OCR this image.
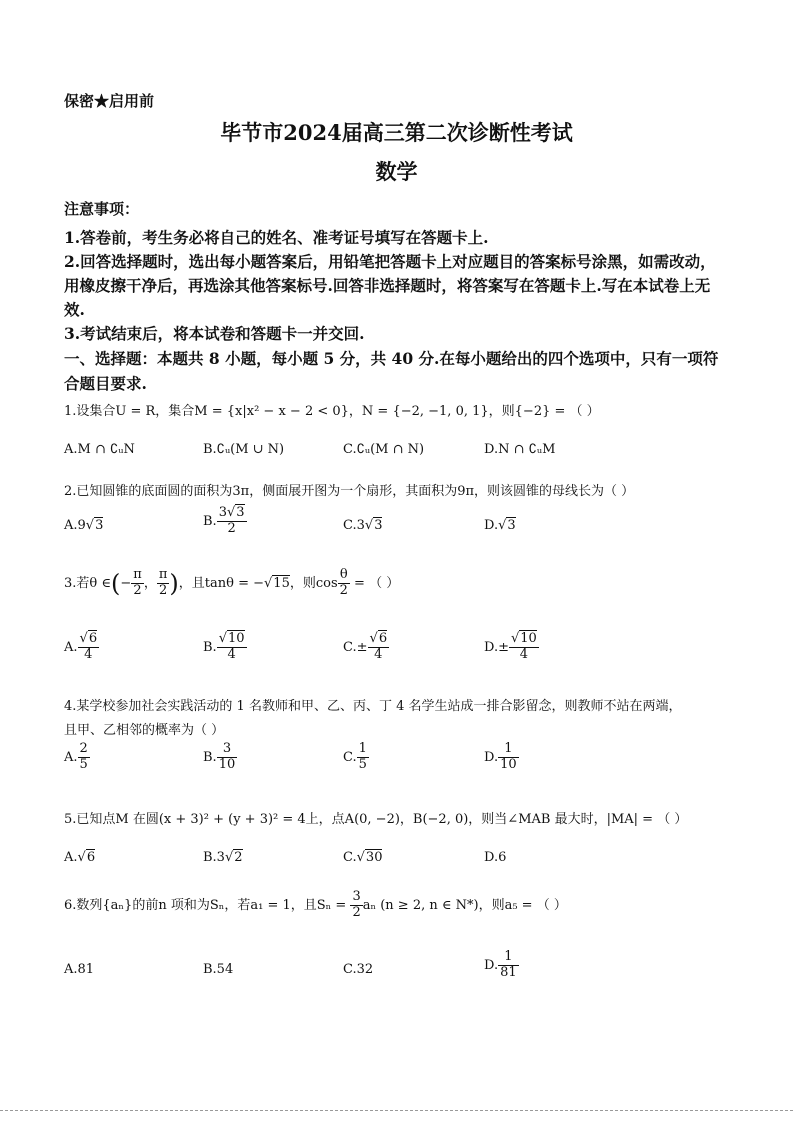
保密★启用前
毕节市2024届高三第二次诊断性考试
数学
注意事项：
1.答卷前，考生务必将自己的姓名、准考证号填写在答题卡上.
2.回答选择题时，选出每小题答案后，用铅笔把答题卡上对应题目的答案标号涂黑，如需改动，
用橡皮擦干净后，再选涂其他答案标号.回答非选择题时，将答案写在答题卡上.写在本试卷上无
效.
3.考试结束后，将本试卷和答题卡一并交回.
一、选择题：本题共 8 小题，每小题 5 分，共 40 分.在每小题给出的四个选项中，只有一项符
合题目要求.
1.设集合U = R，集合M = {x|x² − x − 2 < 0}，N = {−2, −1, 0, 1}，则{−2} = （ ）
A.M ∩ ∁ᵤN	B.∁ᵤ(M ∪ N)	C.∁ᵤ(M ∩ N)	D.N ∩ ∁ᵤM
2.已知圆锥的底面圆的面积为3π，侧面展开图为一个扇形，其面积为9π，则该圆锥的母线长为（ ）
A.9√3	B. $\frac{3√3}{2}$	C.3√3	D.√3
3.若θ ∈(− $\frac{\pi}{2}$ ， $\frac{\pi}{2}$ )，且tanθ = −√15，则$\cos \frac{\theta}{2}$ = （ ）
A. $\frac{√6}{4}$	B. $\frac{√10}{4}$	$C.\pm \frac{√6}{4}$	$D.\pm \frac{√10}{4}$
4.某学校参加社会实践活动的 1 名教师和甲、乙、丙、丁 4 名学生站成一排合影留念，则教师不站在两端，
且甲、乙相邻的概率为（ ）
A. $\frac{2}{5}$	B. $\frac{3}{10}$	C. $\frac{1}{5}$	D. $\frac{1}{10}$
5.已知点M 在圆(x + 3)² + (y + 3)² = 4上，点A(0, −2)，B(−2, 0)，则当∠MAB 最大时，|MA| = （ ）
A.√6	B.3√2	C.√30	D.6
6.数列{aₙ}的前n 项和为Sₙ，若a₁ = 1，且$S_n = \frac{3}{2}$ aₙ (n ≥ 2, n ∈ N*)，则a₅ = （ ）
A.81	B.54	C.32	D. $\frac{1}{81}$
